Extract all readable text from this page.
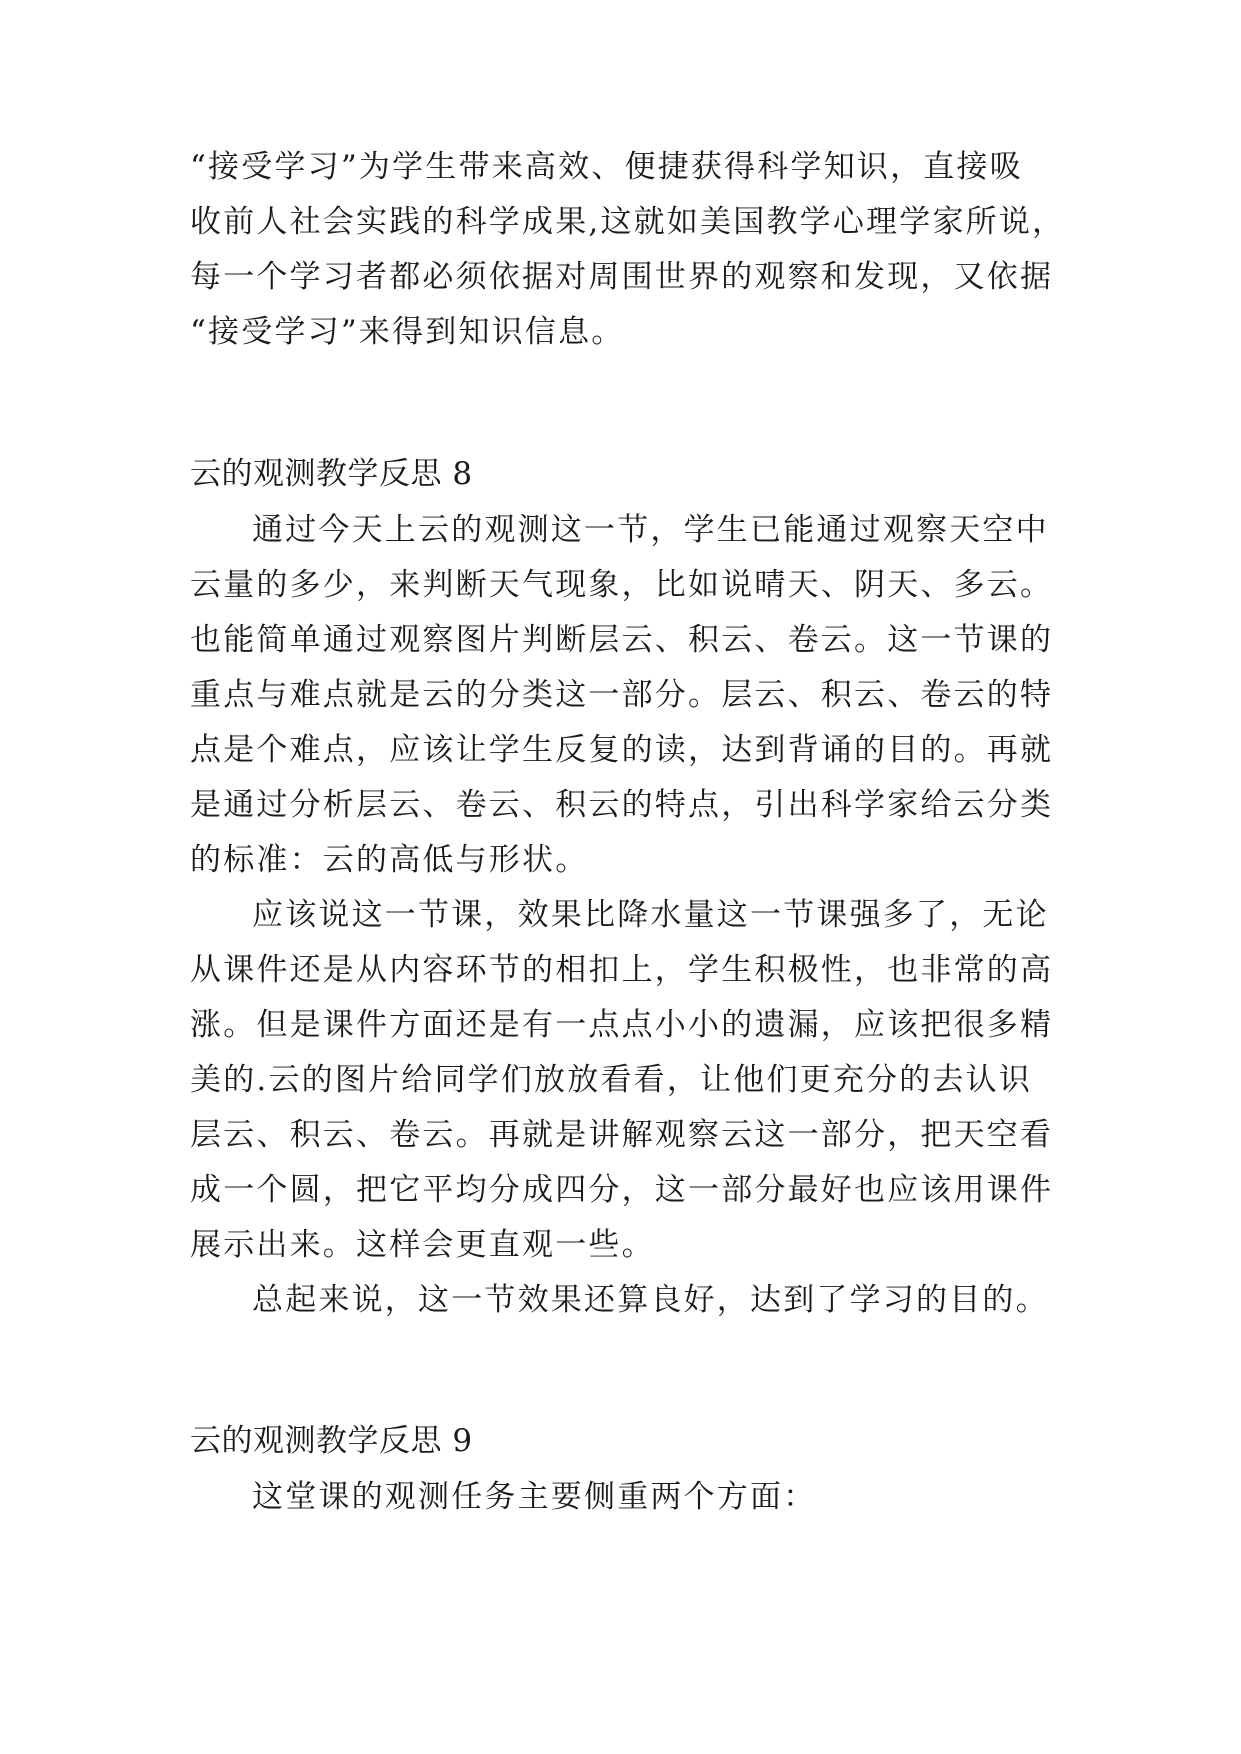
“接受学习”为学生带来高效、便捷获得科学知识，直接吸
收前人社会实践的科学成果,这就如美国教学心理学家所说，
每一个学习者都必须依据对周围世界的观察和发现，又依据
“接受学习”来得到知识信息。
云的观测教学反思 8
通过今天上云的观测这一节，学生已能通过观察天空中
云量的多少，来判断天气现象，比如说晴天、阴天、多云。
也能简单通过观察图片判断层云、积云、卷云。这一节课的
重点与难点就是云的分类这一部分。层云、积云、卷云的特
点是个难点，应该让学生反复的读，达到背诵的目的。再就
是通过分析层云、卷云、积云的特点，引出科学家给云分类
的标准：云的高低与形状。
应该说这一节课，效果比降水量这一节课强多了，无论
从课件还是从内容环节的相扣上，学生积极性，也非常的高
涨。但是课件方面还是有一点点小小的遗漏，应该把很多精
美的.云的图片给同学们放放看看，让他们更充分的去认识
层云、积云、卷云。再就是讲解观察云这一部分，把天空看
成一个圆，把它平均分成四分，这一部分最好也应该用课件
展示出来。这样会更直观一些。
总起来说，这一节效果还算良好，达到了学习的目的。
云的观测教学反思 9
这堂课的观测任务主要侧重两个方面：
